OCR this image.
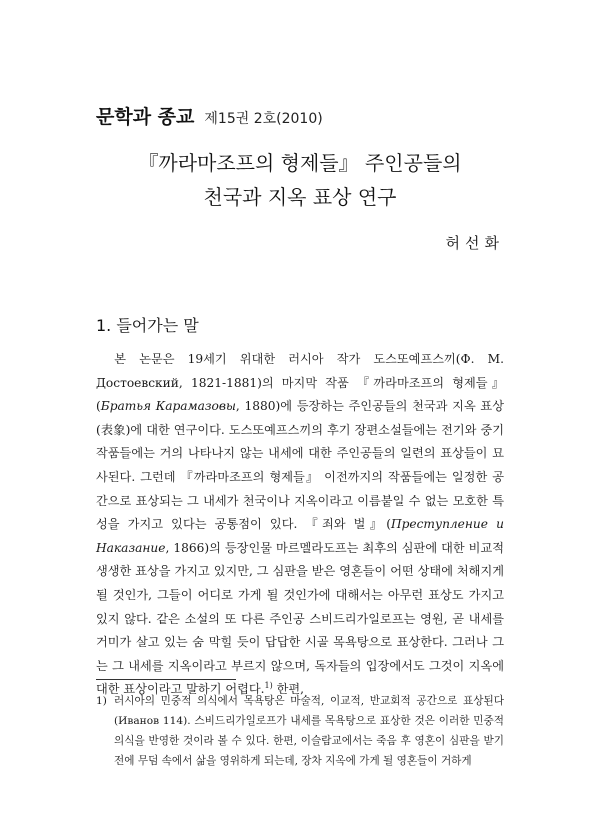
문학과 종교 제15권 2호(2010)
『까라마조프의 형제들』 주인공들의
천국과 지옥 표상 연구
허선화
1. 들어가는 말

본 논문은 19세기 위대한 러시아 작가 도스또예프스끼(Ф. М. Достоевский, 1821-1881)의 마지막 작품 『까라마조프의 형제들』(Братья Карамазовы, 1880)에 등장하는 주인공들의 천국과 지옥 표상(表象)에 대한 연구이다. 도스또예프스끼의 후기 장편소설들에는 전기와 중기 작품들에는 거의 나타나지 않는 내세에 대한 주인공들의 일련의 표상들이 묘사된다. 그런데 『까라마조프의 형제들』 이전까지의 작품들에는 일정한 공간으로 표상되는 그 내세가 천국이나 지옥이라고 이름붙일 수 없는 모호한 특성을 가지고 있다는 공통점이 있다. 『죄와 벌』(Преступление и Наказание, 1866)의 등장인물 마르멜라도프는 최후의 심판에 대한 비교적 생생한 표상을 가지고 있지만, 그 심판을 받은 영혼들이 어떤 상태에 처해지게 될 것인가, 그들이 어디로 가게 될 것인가에 대해서는 아무런 표상도 가지고 있지 않다. 같은 소설의 또 다른 주인공 스비드리가일로프는 영원, 곧 내세를 거미가 살고 있는 숨 막힐 듯이 답답한 시골 목욕탕으로 표상한다. 그러나 그는 그 내세를 지옥이라고 부르지 않으며, 독자들의 입장에서도 그것이 지옥에 대한 표상이라고 말하기 어렵다.$^{1)}$ 한편,

1) 러시아의 민중적 의식에서 목욕탕은 마술적, 이교적, 반교회적 공간으로 표상된다(Иванов 114). 스비드리가일로프가 내세를 목욕탕으로 표상한 것은 이러한 민중적 의식을 반영한 것이라 볼 수 있다. 한편, 이슬람교에서는 죽음 후 영혼이 심판을 받기 전에 무덤 속에서 삶을 영위하게 되는데, 장차 지옥에 가게 될 영혼들이 거하게
